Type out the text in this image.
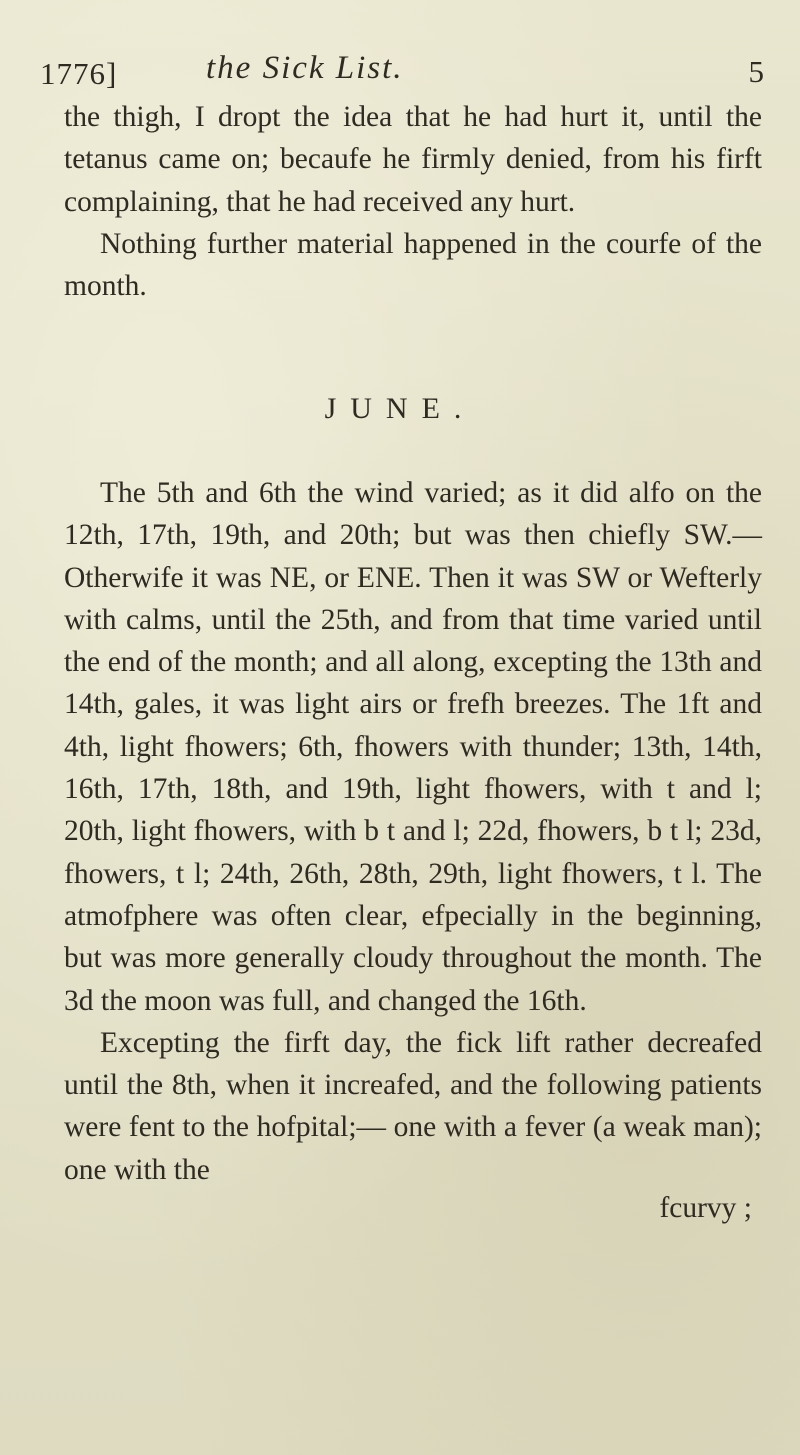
1776]	the Sick List.	5

the thigh, I dropt the idea that he had hurt it, until the tetanus came on; becaufe he firmly denied, from his firft complaining, that he had received any hurt.

Nothing further material happened in the courfe of the month.

JUNE.

The 5th and 6th the wind varied; as it did alfo on the 12th, 17th, 19th, and 20th; but was then chiefly SW.—Otherwife it was NE, or ENE. Then it was SW or Wefterly with calms, until the 25th, and from that time varied until the end of the month; and all along, excepting the 13th and 14th, gales, it was light airs or frefh breezes. The 1ft and 4th, light fhowers; 6th, fhowers with thunder; 13th, 14th, 16th, 17th, 18th, and 19th, light fhowers, with t and l; 20th, light fhowers, with b t and l; 22d, fhowers, b t l; 23d, fhowers, t l; 24th, 26th, 28th, 29th, light fhowers, t l. The atmofphere was often clear, efpecially in the beginning, but was more generally cloudy throughout the month. The 3d the moon was full, and changed the 16th.

Excepting the firft day, the fick lift rather decreafed until the 8th, when it increafed, and the following patients were fent to the hofpital;— one with a fever (a weak man); one with the

fcurvy ;
